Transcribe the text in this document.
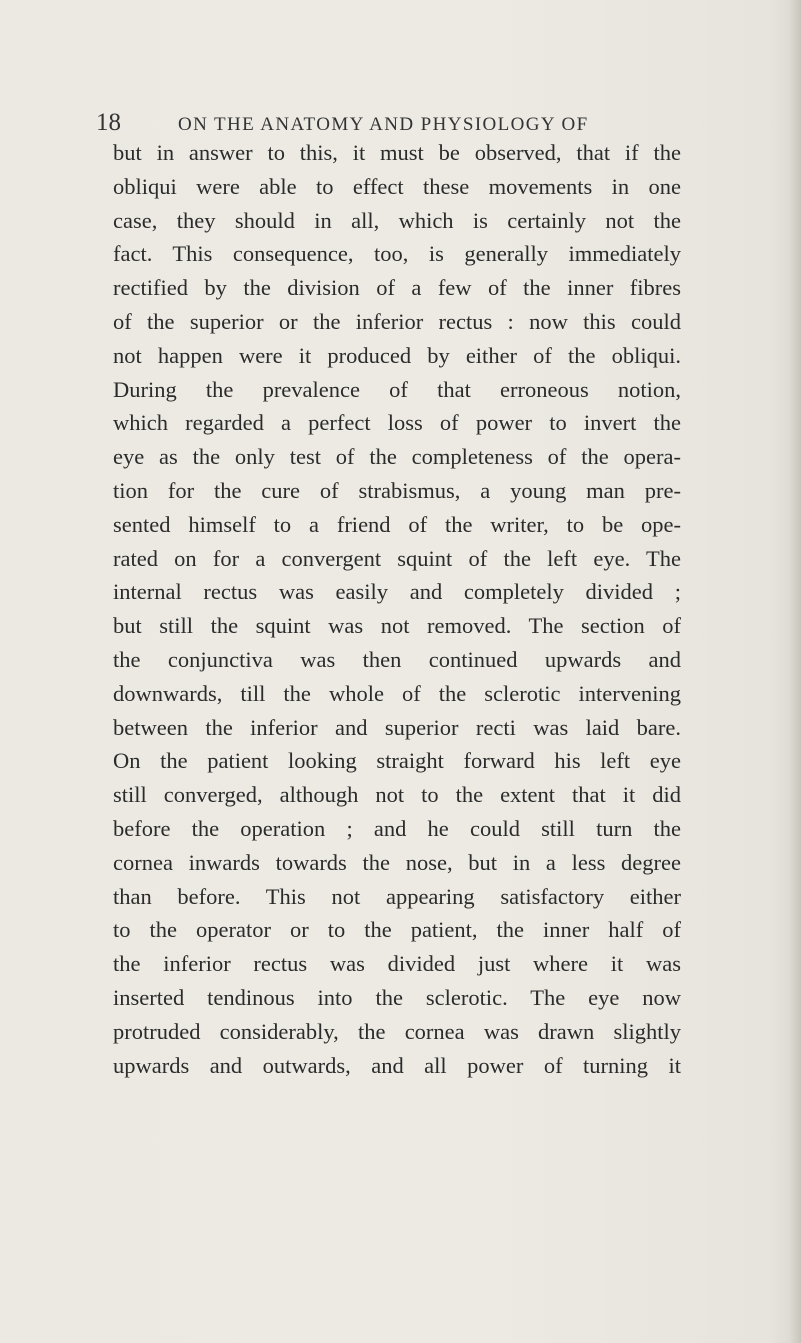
18	ON THE ANATOMY AND PHYSIOLOGY OF
but in answer to this, it must be observed, that if the
obliqui were able to effect these movements in one
case, they should in all, which is certainly not the
fact. This consequence, too, is generally immediately
rectified by the division of a few of the inner fibres
of the superior or the inferior rectus : now this could
not happen were it produced by either of the obliqui.
During the prevalence of that erroneous notion,
which regarded a perfect loss of power to invert the
eye as the only test of the completeness of the opera-
tion for the cure of strabismus, a young man pre-
sented himself to a friend of the writer, to be ope-
rated on for a convergent squint of the left eye. The
internal rectus was easily and completely divided ;
but still the squint was not removed. The section of
the conjunctiva was then continued upwards and
downwards, till the whole of the sclerotic intervening
between the inferior and superior recti was laid bare.
On the patient looking straight forward his left eye
still converged, although not to the extent that it did
before the operation ; and he could still turn the
cornea inwards towards the nose, but in a less degree
than before. This not appearing satisfactory either
to the operator or to the patient, the inner half of
the inferior rectus was divided just where it was
inserted tendinous into the sclerotic. The eye now
protruded considerably, the cornea was drawn slightly
upwards and outwards, and all power of turning it
